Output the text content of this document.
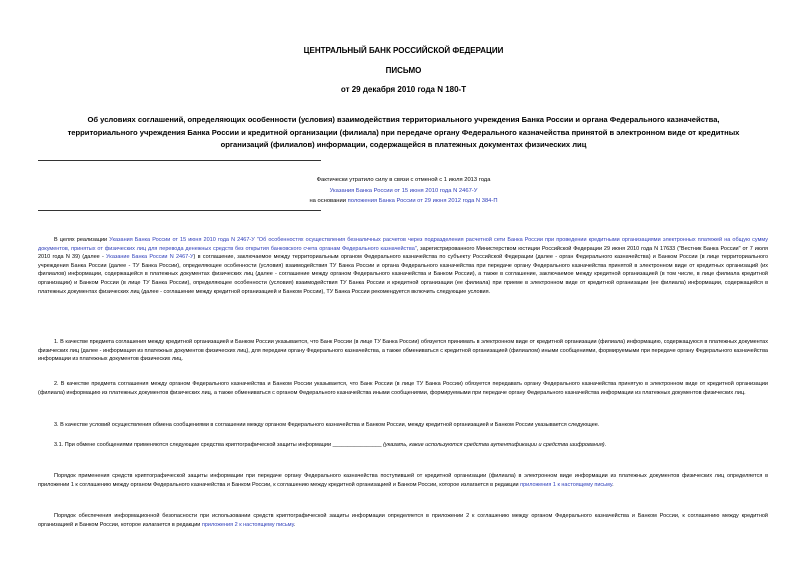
ЦЕНТРАЛЬНЫЙ БАНК РОССИЙСКОЙ ФЕДЕРАЦИИ
ПИСЬМО
от 29 декабря 2010 года N 180-Т
Об условиях соглашений, определяющих особенности (условия) взаимодействия территориального учреждения Банка России и органа Федерального казначейства, территориального учреждения Банка России и кредитной организации (филиала) при передаче органу Федерального казначейства принятой в электронном виде от кредитных организаций (филиалов) информации, содержащейся в платежных документах физических лиц
Фактически утратило силу в связи с отменой с 1 июля 2013 года
Указания Банка России от 15 июня 2010 года N 2467-У
на основании положения Банка России от 29 июня 2012 года N 384-П

В целях реализации Указания Банка России от 15 июня 2010 года N 2467-У "Об особенностях осуществления безналичных расчетов через подразделения расчетной сети Банка России при проведении кредитными организациями электронных платежей на общую сумму документов, принятых от физических лиц для перевода денежных средств без открытия банковского счета органам Федерального казначейства", зарегистрированного Министерством юстиции Российской Федерации 29 июня 2010 года N 17633 ("Вестник Банка России" от 7 июля 2010 года N 39) (далее - Указание Банка России N 2467-У) в соглашение, заключаемое между территориальным органом Федерального казначейства по субъекту Российской Федерации (далее - орган Федерального казначейства) и Банком России (в лице территориального учреждения Банка России (далее - ТУ Банка России), определяющее особенности (условия) взаимодействия ТУ Банка России и органа Федерального казначейства при передаче органу Федерального казначейства принятой в электронном виде от кредитных организаций (их филиалов) информации, содержащейся в платежных документах физических лиц (далее - соглашение между органом Федерального казначейства и Банком России), а также в соглашение, заключаемое между кредитной организацией (в том числе, в лице филиала кредитной организации) и Банком России (в лице ТУ Банка России), определяющее особенности (условия) взаимодействия ТУ Банка России и кредитной организации (ее филиала) при приеме в электронном виде от кредитной организации (ее филиала) информации, содержащейся в платежных документах физических лиц (далее - соглашение между кредитной организацией и Банком России), ТУ Банка России рекомендуется включить следующие условия.

1. В качестве предмета соглашения между кредитной организацией и Банком России указывается, что Банк России (в лице ТУ Банка России) обязуется принимать в электронном виде от кредитной организации (филиала) информацию, содержащуюся в платежных документах физических лиц (далее - информация из платежных документов физических лиц), для передачи органу Федерального казначейства, а также обмениваться с кредитной организацией (филиалом) иными сообщениями, формируемыми при передаче органу Федерального казначейства информации из платежных документов физических лиц.

2. В качестве предмета соглашения между органом Федерального казначейства и Банком России указывается, что Банк России (в лице ТУ Банка России) обязуется передавать органу Федерального казначейства принятую в электронном виде от кредитной организации (филиала) информацию из платежных документов физических лиц, а также обмениваться с органом Федерального казначейства иными сообщениями, формируемыми при передаче органу Федерального казначейства информации из платежных документов физических лиц.

3. В качестве условий осуществления обмена сообщениями в соглашении между органом Федерального казначейства и Банком России, между кредитной организацией и Банком России указывается следующее.

3.1. При обмене сообщениями применяются следующие средства криптографической защиты информации ________________ (указать, какие используются средства аутентификации и средства шифрования).

Порядок применения средств криптографической защиты информации при передаче органу Федерального казначейства поступившей от кредитной организации (филиала) в электронном виде информации из платежных документов физических лиц определяется в приложении 1 к соглашению между органом Федерального казначейства и Банком России, к соглашению между кредитной организацией и Банком России, которое излагается в редакции приложения 1 к настоящему письму.

Порядок обеспечения информационной безопасности при использовании средств криптографической защиты информации определяется в приложении 2 к соглашению между органом Федерального казначейства и Банком России, к соглашению между кредитной организацией и Банком России, которое излагается в редакции приложения 2 к настоящему письму.
